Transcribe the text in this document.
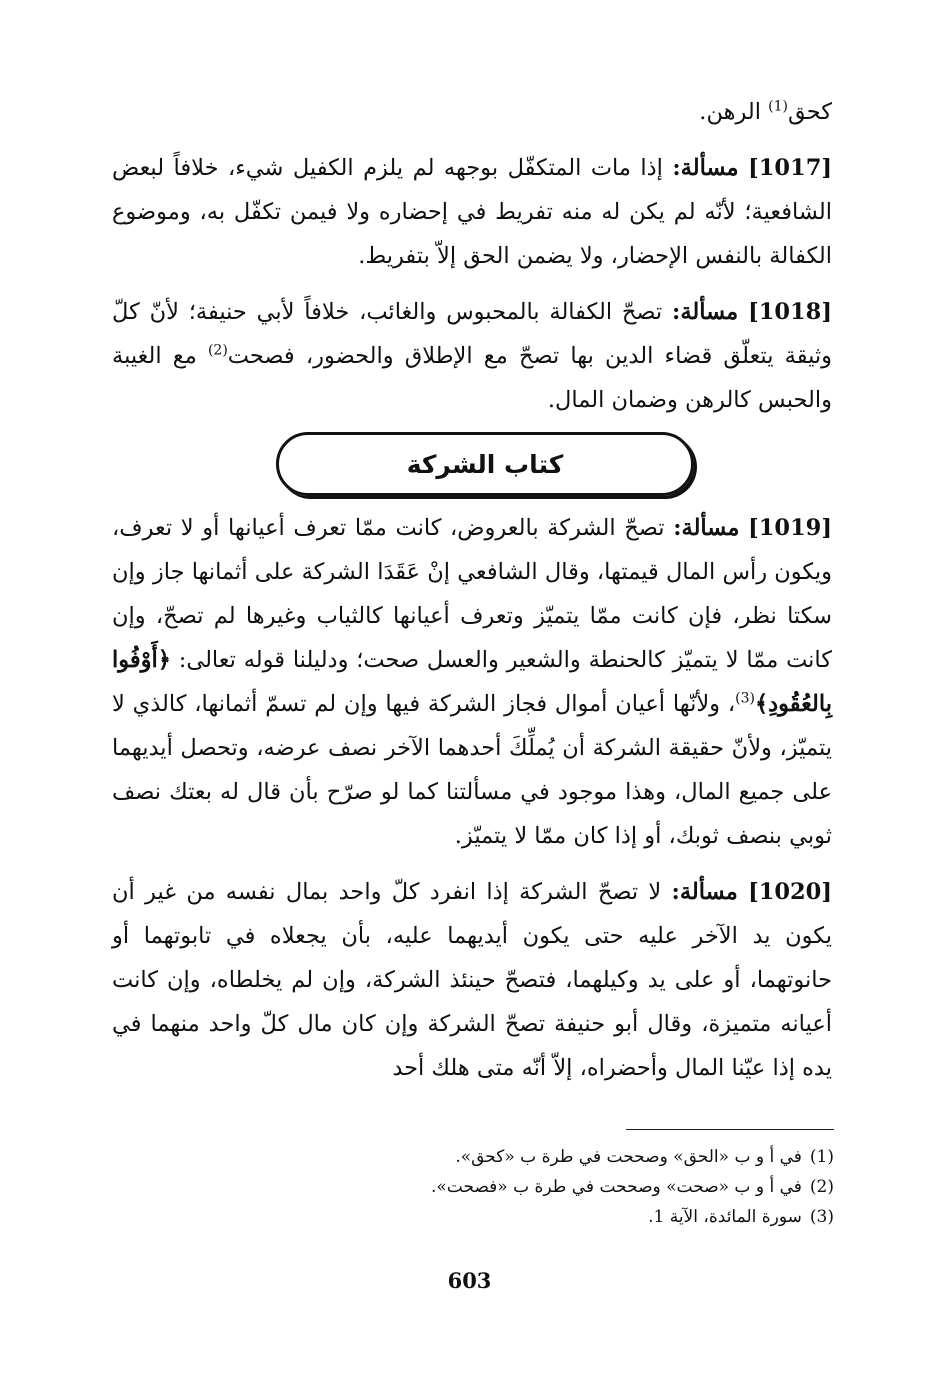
كحق$^{(1)}$ الرهن.

[1017] مسألة: إذا مات المتكفّل بوجهه لم يلزم الكفيل شيء، خلافاً لبعض الشافعية؛ لأنّه لم يكن له منه تفريط في إحضاره ولا فيمن تكفّل به، وموضوع الكفالة بالنفس الإحضار، ولا يضمن الحق إلاّ بتفريط.

[1018] مسألة: تصحّ الكفالة بالمحبوس والغائب، خلافاً لأبي حنيفة؛ لأنّ كلّ وثيقة يتعلّق قضاء الدين بها تصحّ مع الإطلاق والحضور، فصحت$^{(2)}$ مع الغيبة والحبس كالرهن وضمان المال.

كتاب الشركة

[1019] مسألة: تصحّ الشركة بالعروض، كانت ممّا تعرف أعيانها أو لا تعرف، ويكون رأس المال قيمتها، وقال الشافعي إنْ عَقَدَا الشركة على أثمانها جاز وإن سكتا نظر، فإن كانت ممّا يتميّز وتعرف أعيانها كالثياب وغيرها لم تصحّ، وإن كانت ممّا لا يتميّز كالحنطة والشعير والعسل صحت؛ ودليلنا قوله تعالى: ﴿أَوْفُوا بِالعُقُودِ﴾$^{(3)}$، ولأنّها أعيان أموال فجاز الشركة فيها وإن لم تسمّ أثمانها، كالذي لا يتميّز، ولأنّ حقيقة الشركة أن يُملِّكَ أحدهما الآخر نصف عرضه، وتحصل أيديهما على جميع المال، وهذا موجود في مسألتنا كما لو صرّح بأن قال له بعتك نصف ثوبي بنصف ثوبك، أو إذا كان ممّا لا يتميّز.

[1020] مسألة: لا تصحّ الشركة إذا انفرد كلّ واحد بمال نفسه من غير أن يكون يد الآخر عليه حتى يكون أيديهما عليه، بأن يجعلاه في تابوتهما أو حانوتهما، أو على يد وكيلهما، فتصحّ حينئذ الشركة، وإن لم يخلطاه، وإن كانت أعيانه متميزة، وقال أبو حنيفة تصحّ الشركة وإن كان مال كلّ واحد منهما في يده إذا عيّنا المال وأحضراه، إلاّ أنّه متى هلك أحد

(1)في أ و ب «الحق» وصححت في طرة ب «كحق».

(2)في أ و ب «صحت» وصححت في طرة ب «فصحت».

(3)سورة المائدة، الآية 1.

603
